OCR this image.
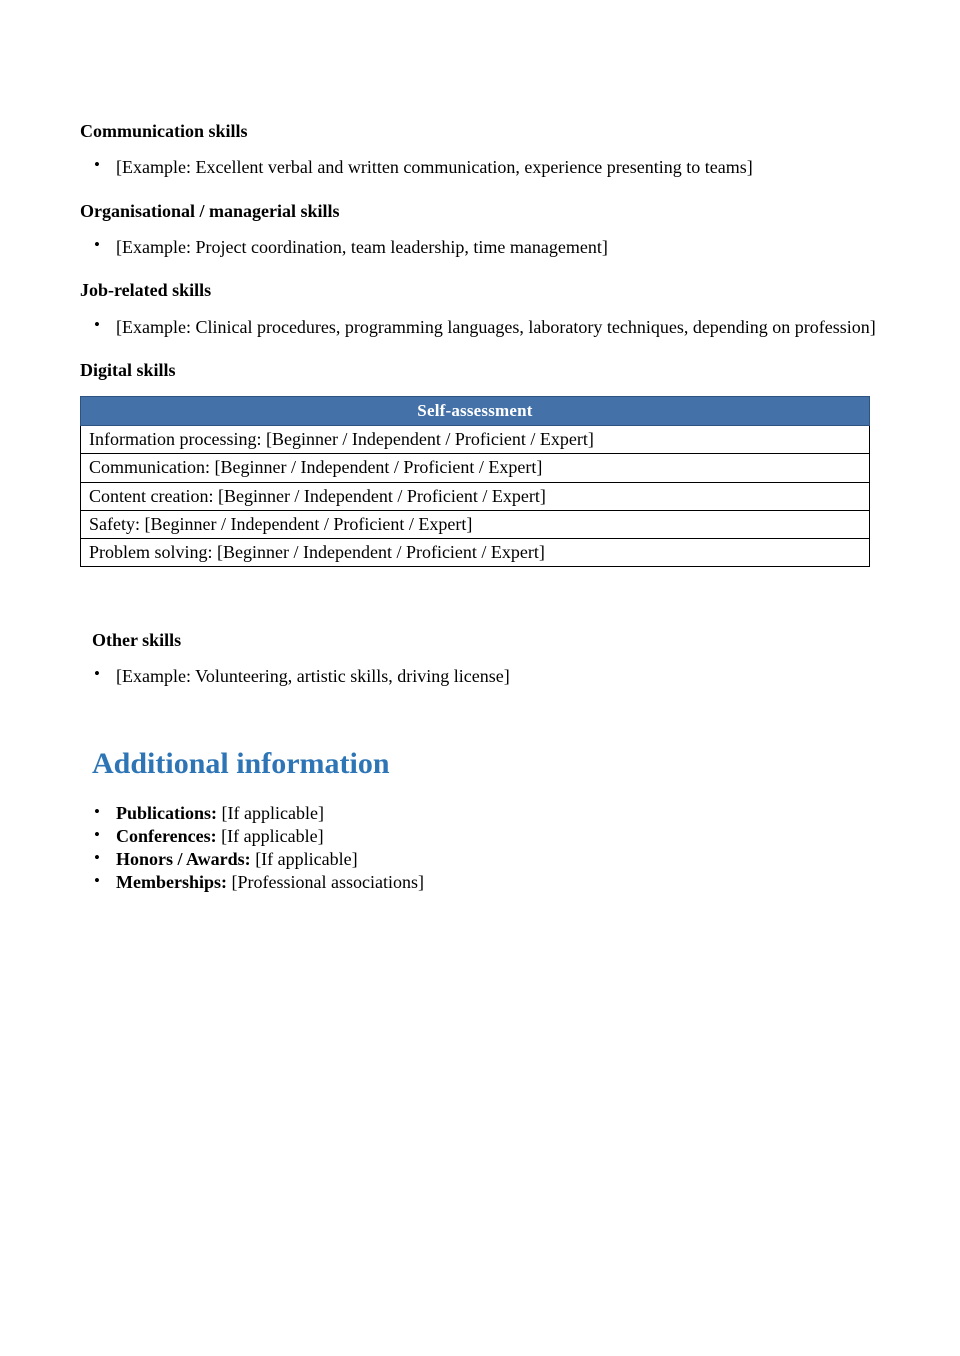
Communication skills
• [Example: Excellent verbal and written communication, experience presenting to teams]
Organisational / managerial skills
• [Example: Project coordination, team leadership, time management]
Job-related skills
• [Example: Clinical procedures, programming languages, laboratory techniques, depending on profession]
Digital skills
Self-assessment
Information processing: [Beginner / Independent / Proficient / Expert]
Communication: [Beginner / Independent / Proficient / Expert]
Content creation: [Beginner / Independent / Proficient / Expert]
Safety: [Beginner / Independent / Proficient / Expert]
Problem solving: [Beginner / Independent / Proficient / Expert]
Other skills
• [Example: Volunteering, artistic skills, driving license]
Additional information
• Publications: [If applicable]
• Conferences: [If applicable]
• Honors / Awards: [If applicable]
• Memberships: [Professional associations]
